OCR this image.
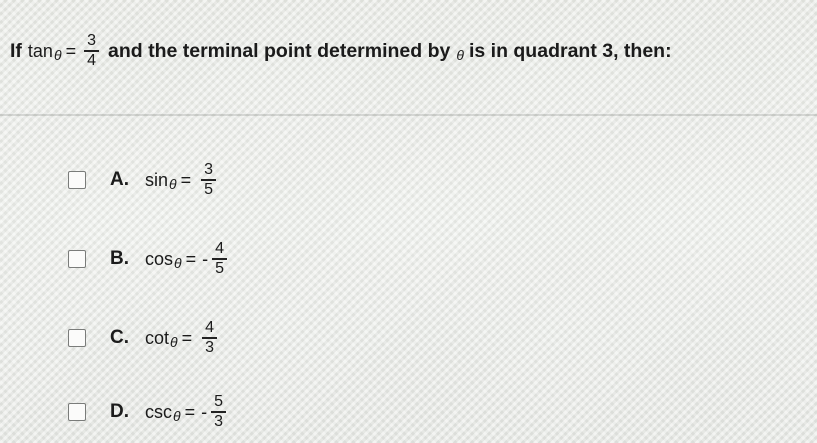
If $\tan \theta = \frac{3}{4}$ and the terminal point determined by θ is in quadrant 3, then:
A. $\sin \theta = \frac{3}{5}$
B. cos θ = - $\frac{4}{5}$
C. $\cot \theta = \frac{4}{3}$
D. csc θ = - $\frac{5}{3}$
